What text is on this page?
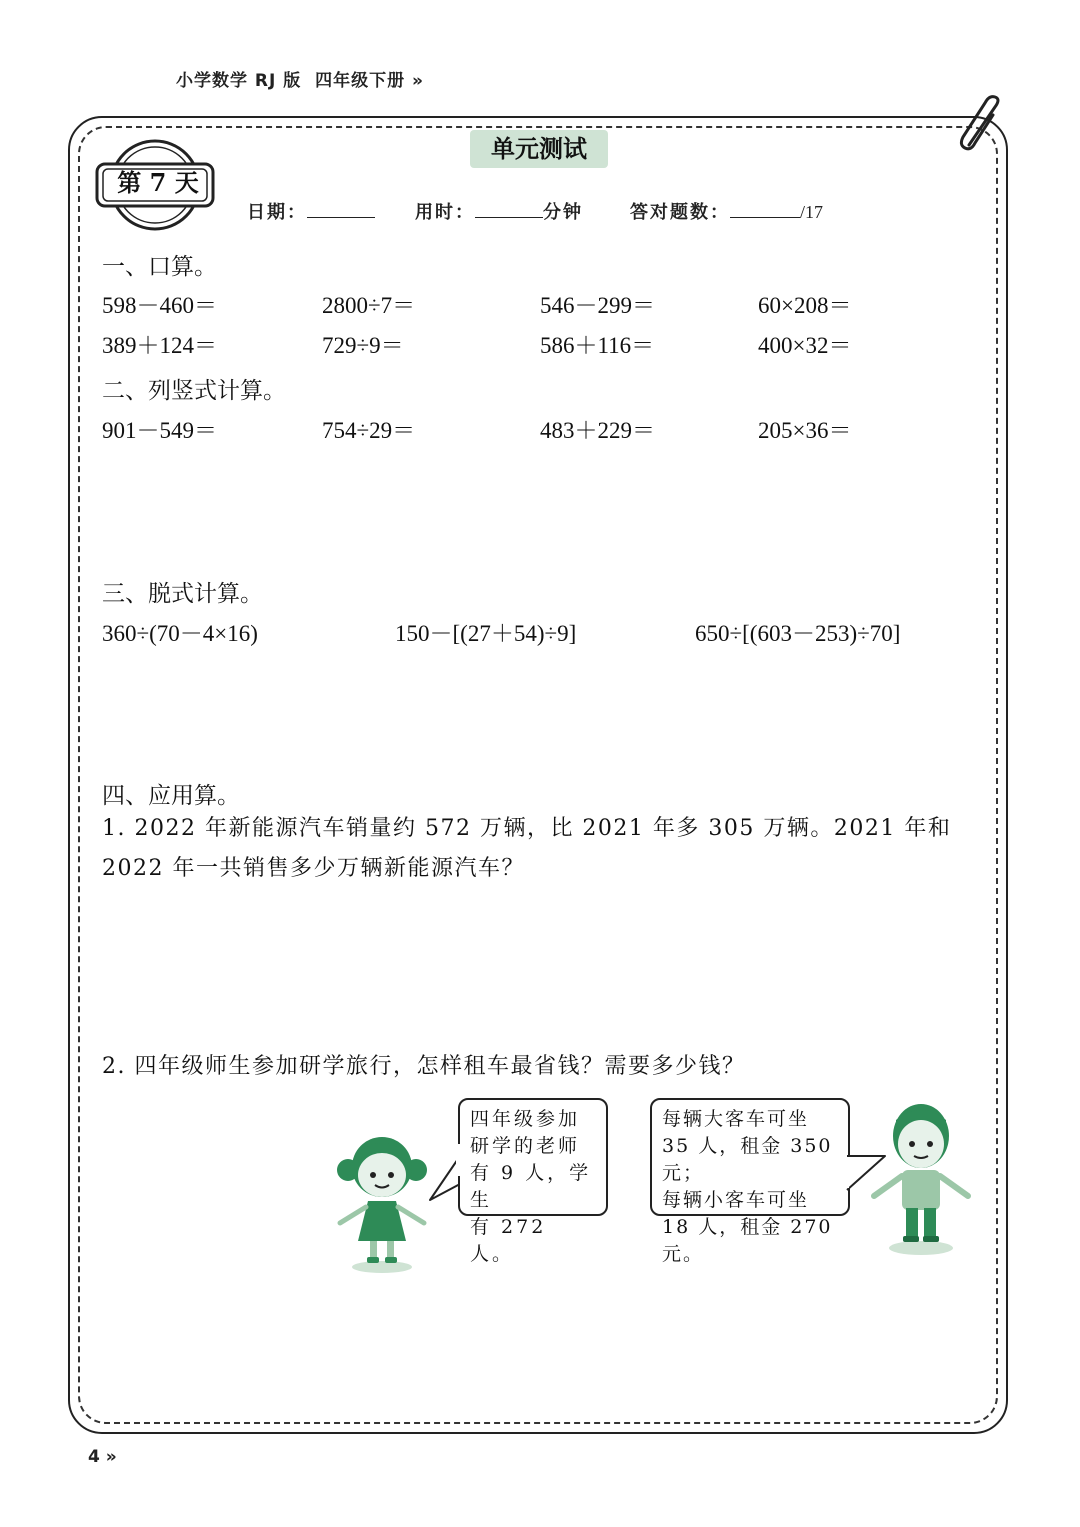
小学数学 RJ 版 四年级下册 »
单元测试
第 7 天
日期：	用时：	分钟	答对题数：	/17
一、口算。
598－460＝	2800÷7＝	546－299＝	60×208＝
389＋124＝	729÷9＝	586＋116＝	400×32＝
二、列竖式计算。
901－549＝	754÷29＝	483＋229＝	205×36＝
三、脱式计算。
360÷(70－4×16)	150－[(27＋54)÷9]	650÷[(603－253)÷70]
四、应用算。
1. 2022 年新能源汽车销量约 572 万辆，比 2021 年多 305 万辆。2021 年和
2022 年一共销售多少万辆新能源汽车？
2. 四年级师生参加研学旅行，怎样租车最省钱？需要多少钱？
四年级参加
研学的老师
有 9 人，学生
有 272 人。
每辆大客车可坐
35 人，租金 350 元；
每辆小客车可坐
18 人，租金 270 元。
4 »
